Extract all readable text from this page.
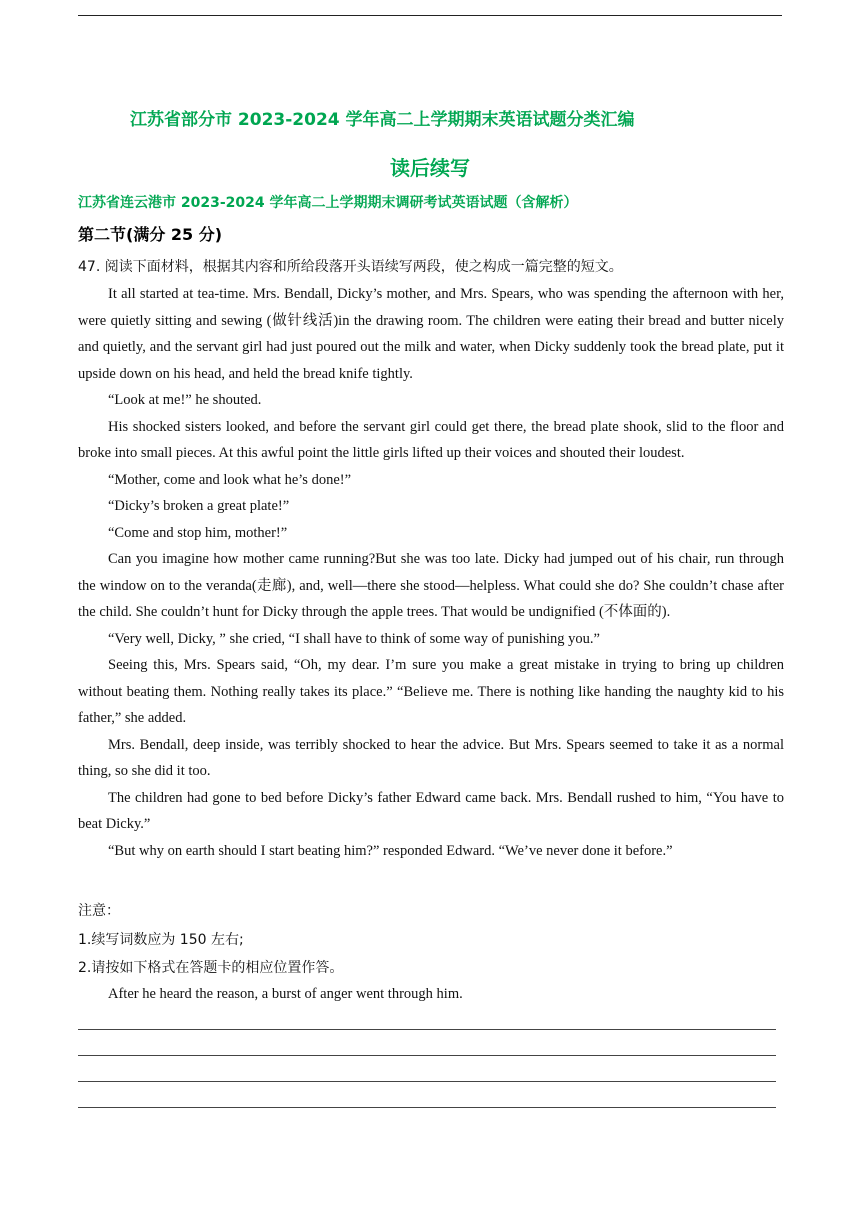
江苏省部分市 2023-2024 学年高二上学期期末英语试题分类汇编
读后续写
江苏省连云港市 2023-2024 学年高二上学期期末调研考试英语试题（含解析）
第二节(满分 25 分)
47. 阅读下面材料，根据其内容和所给段落开头语续写两段，使之构成一篇完整的短文。

It all started at tea-time. Mrs. Bendall, Dicky’s mother, and Mrs. Spears, who was spending the afternoon with her, were quietly sitting and sewing (做针线活)in the drawing room. The children were eating their bread and butter nicely and quietly, and the servant girl had just poured out the milk and water, when Dicky suddenly took the bread plate, put it upside down on his head, and held the bread knife tightly.

“Look at me!” he shouted.

His shocked sisters looked, and before the servant girl could get there, the bread plate shook, slid to the floor and broke into small pieces. At this awful point the little girls lifted up their voices and shouted their loudest.

“Mother, come and look what he’s done!”

“Dicky’s broken a great plate!”

“Come and stop him, mother!”

Can you imagine how mother came running?But she was too late. Dicky had jumped out of his chair, run through the window on to the veranda(走廊), and, well—there she stood—helpless. What could she do? She couldn’t chase after the child. She couldn’t hunt for Dicky through the apple trees. That would be undignified (不体面的).

“Very well, Dicky, ” she cried, “I shall have to think of some way of punishing you.”

Seeing this, Mrs. Spears said, “Oh, my dear. I’m sure you make a great mistake in trying to bring up children without beating them. Nothing really takes its place.” “Believe me. There is nothing like handing the naughty kid to his father,” she added.

Mrs. Bendall, deep inside, was terribly shocked to hear the advice. But Mrs. Spears seemed to take it as a normal thing, so she did it too.

The children had gone to bed before Dicky’s father Edward came back. Mrs. Bendall rushed to him, “You have to beat Dicky.”

“But why on earth should I start beating him?” responded Edward. “We’ve never done it before.”

注意：
1.续写词数应为 150 左右;
2.请按如下格式在答题卡的相应位置作答。
After he heard the reason, a burst of anger went through him.
